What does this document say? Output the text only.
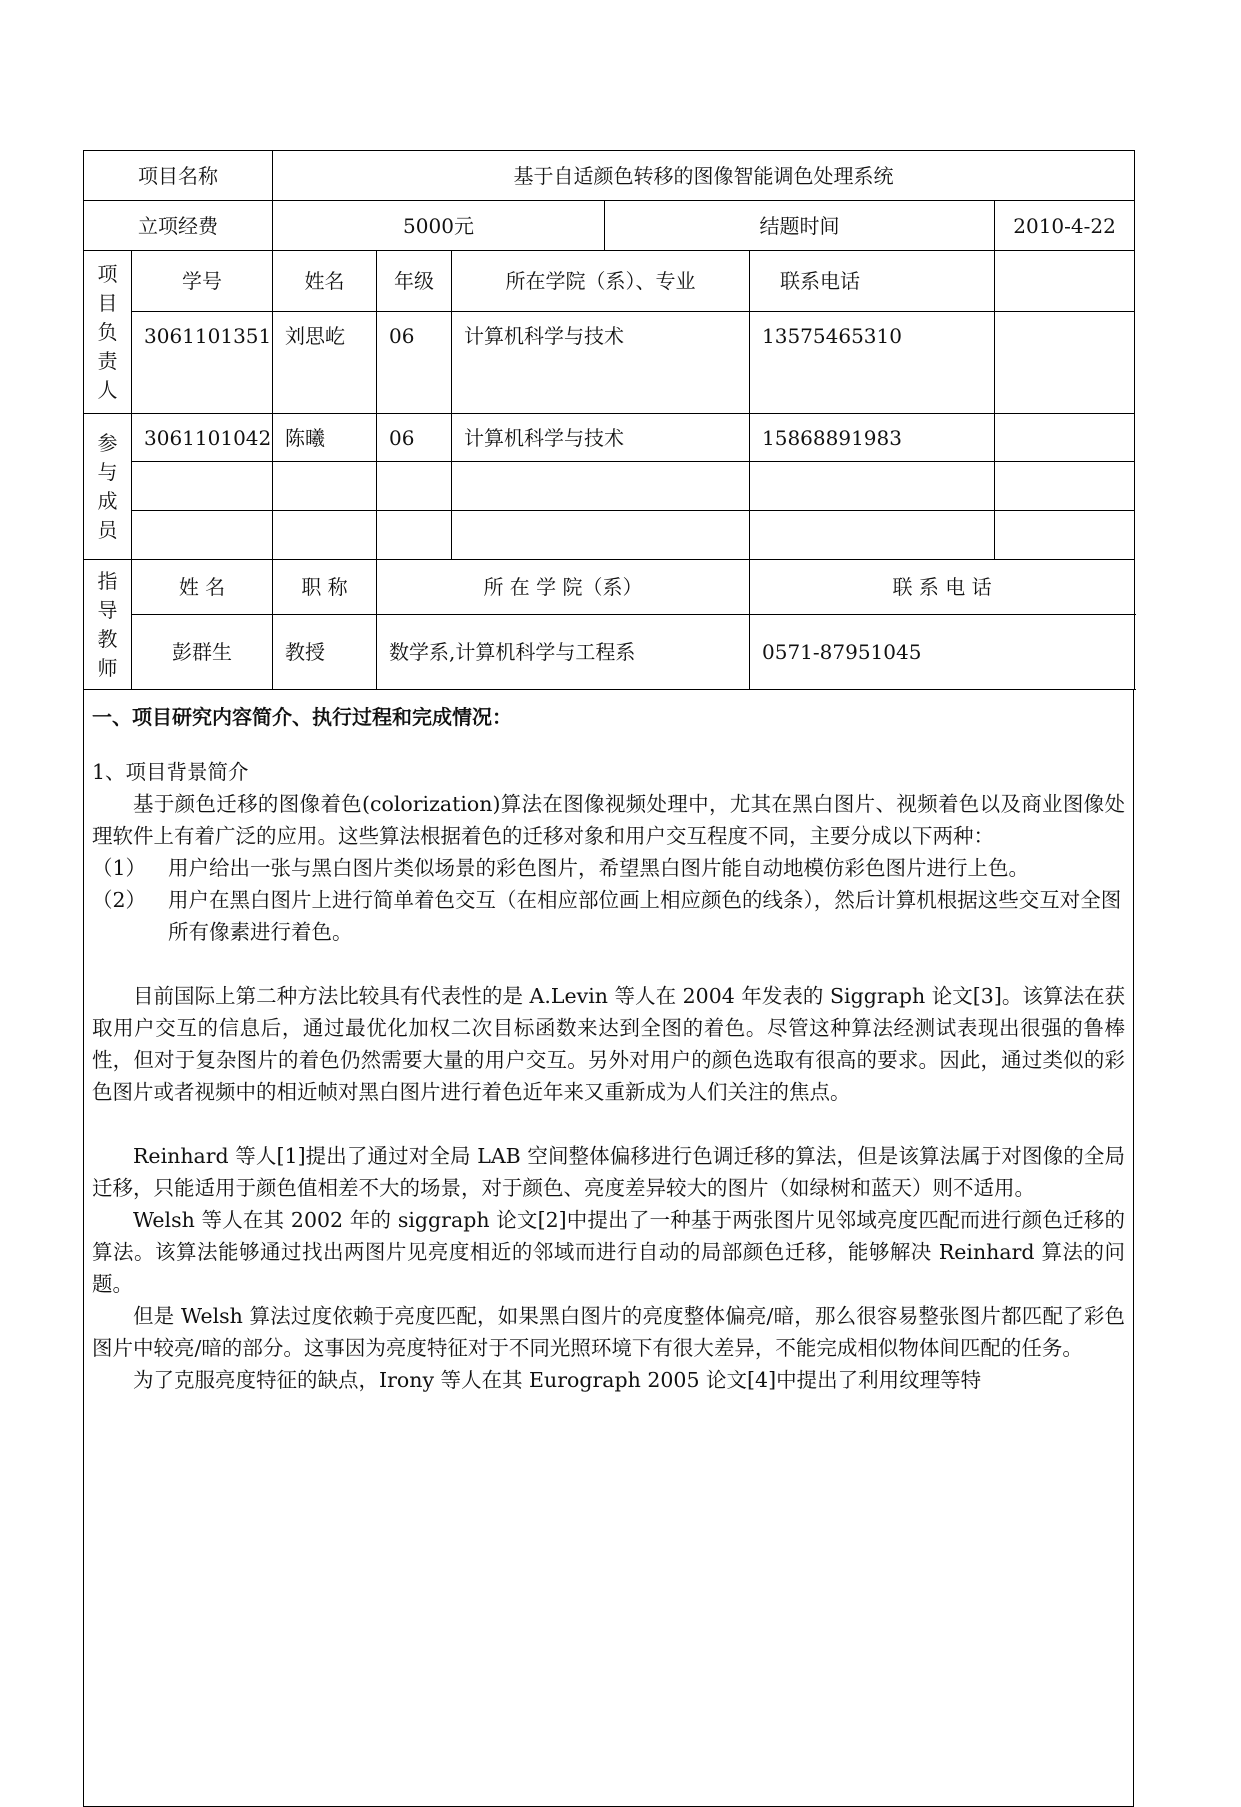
项目名称		基于自适颜色转移的图像智能调色处理系统					
立项经费		5000元			结题时间		2010-4-22

项
目
负
责
人	学号	姓名	年级	所在学院（系）、专业		联系电话	
	3061101351	刘思屹	06	计算机科学与技术		13575465310	

参
与
成
员	3061101042	陈曦	06	计算机科学与技术		15868891983	

指
导
教
师	姓 名	职 称	所 在 学 院（系）			联 系 电 话	
	彭群生	教授	数学系,计算机科学与工程系			0571-87951045	
一、项目研究内容简介、执行过程和完成情况：

1、项目背景简介

基于颜色迁移的图像着色(colorization)算法在图像视频处理中，尤其在黑白图片、视频着色以及商业图像处理软件上有着广泛的应用。这些算法根据着色的迁移对象和用户交互程度不同，主要分成以下两种：

（1）	用户给出一张与黑白图片类似场景的彩色图片，希望黑白图片能自动地模仿彩色图片进行上色。
（2）	用户在黑白图片上进行简单着色交互（在相应部位画上相应颜色的线条），然后计算机根据这些交互对全图所有像素进行着色。

目前国际上第二种方法比较具有代表性的是 A.Levin 等人在 2004 年发表的 Siggraph 论文[3]。该算法在获取用户交互的信息后，通过最优化加权二次目标函数来达到全图的着色。尽管这种算法经测试表现出很强的鲁棒性，但对于复杂图片的着色仍然需要大量的用户交互。另外对用户的颜色选取有很高的要求。因此，通过类似的彩色图片或者视频中的相近帧对黑白图片进行着色近年来又重新成为人们关注的焦点。

Reinhard 等人[1]提出了通过对全局 LAB 空间整体偏移进行色调迁移的算法，但是该算法属于对图像的全局迁移，只能适用于颜色值相差不大的场景，对于颜色、亮度差异较大的图片（如绿树和蓝天）则不适用。

Welsh 等人在其 2002 年的 siggraph 论文[2]中提出了一种基于两张图片见邻域亮度匹配而进行颜色迁移的算法。该算法能够通过找出两图片见亮度相近的邻域而进行自动的局部颜色迁移，能够解决 Reinhard 算法的问题。

但是 Welsh 算法过度依赖于亮度匹配，如果黑白图片的亮度整体偏亮/暗，那么很容易整张图片都匹配了彩色图片中较亮/暗的部分。这事因为亮度特征对于不同光照环境下有很大差异，不能完成相似物体间匹配的任务。

为了克服亮度特征的缺点，Irony 等人在其 Eurograph 2005 论文[4]中提出了利用纹理等特
